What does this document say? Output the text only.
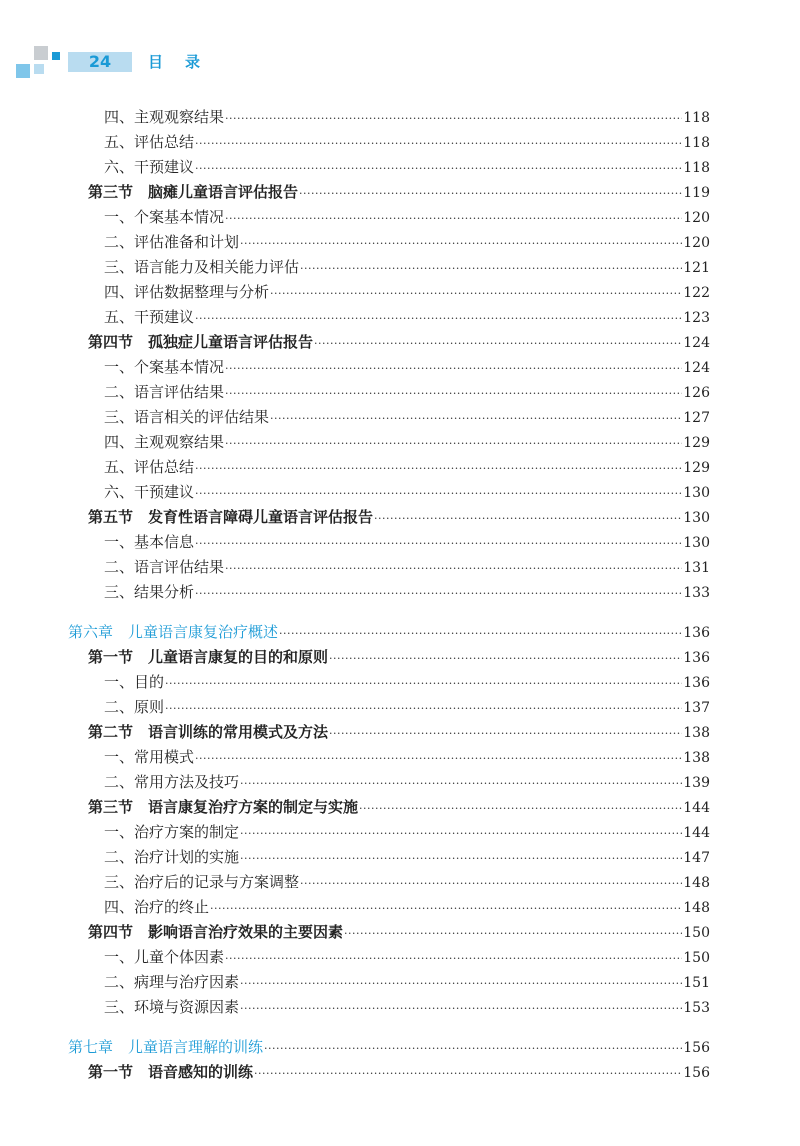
24	目录
四、主观观察结果 ·····	118
五、评估总结 ·····	118
六、干预建议 ·····	118
第三节　脑瘫儿童语言评估报告 ·····	119
一、个案基本情况 ·····	120
二、评估准备和计划 ·····	120
三、语言能力及相关能力评估 ·····	121
四、评估数据整理与分析 ·····	122
五、干预建议 ·····	123
第四节　孤独症儿童语言评估报告 ·····	124
一、个案基本情况 ·····	124
二、语言评估结果 ·····	126
三、语言相关的评估结果 ·····	127
四、主观观察结果 ·····	129
五、评估总结 ·····	129
六、干预建议 ·····	130
第五节　发育性语言障碍儿童语言评估报告 ·····	130
一、基本信息 ·····	130
二、语言评估结果 ·····	131
三、结果分析 ·····	133
第六章　儿童语言康复治疗概述 ·····	136
第一节　儿童语言康复的目的和原则 ·····	136
一、目的 ·····	136
二、原则 ·····	137
第二节　语言训练的常用模式及方法 ·····	138
一、常用模式 ·····	138
二、常用方法及技巧 ·····	139
第三节　语言康复治疗方案的制定与实施 ·····	144
一、治疗方案的制定 ·····	144
二、治疗计划的实施 ·····	147
三、治疗后的记录与方案调整 ·····	148
四、治疗的终止 ·····	148
第四节　影响语言治疗效果的主要因素 ·····	150
一、儿童个体因素 ·····	150
二、病理与治疗因素 ·····	151
三、环境与资源因素 ·····	153
第七章　儿童语言理解的训练 ·····	156
第一节　语音感知的训练 ·····	156
